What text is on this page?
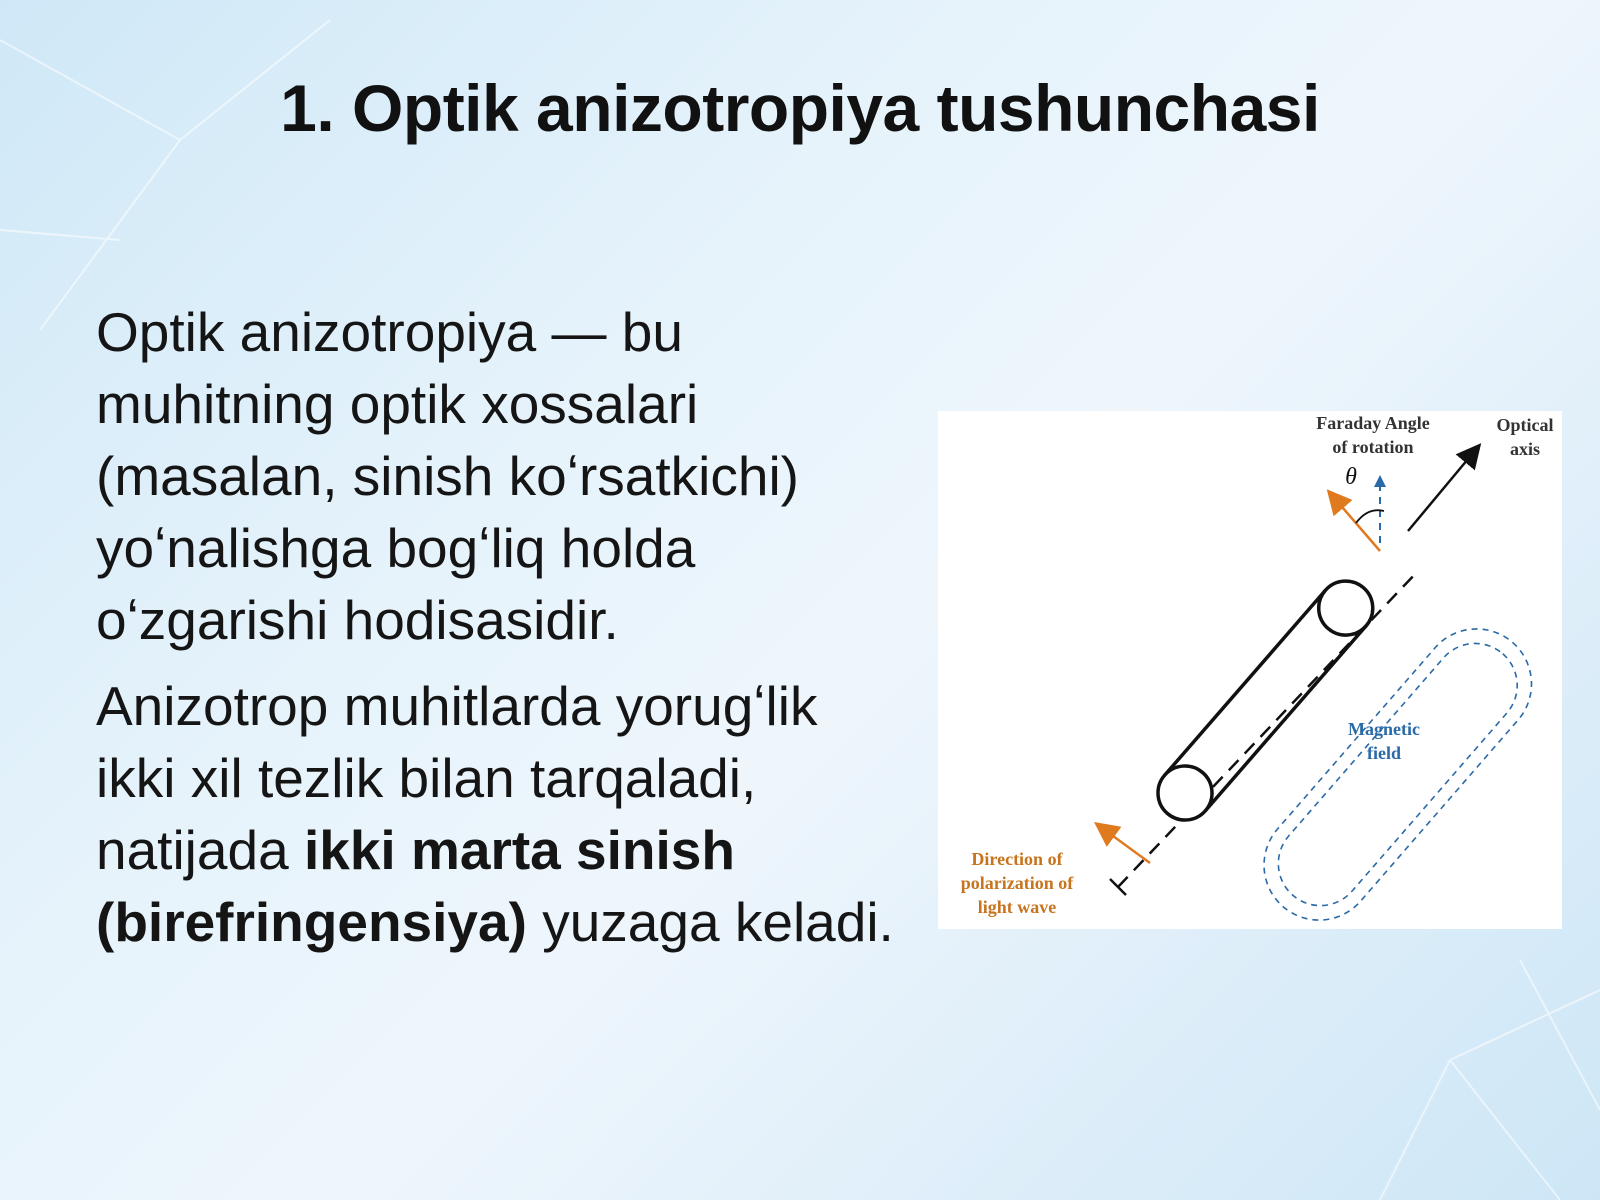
1. Optik anizotropiya tushunchasi

Optik anizotropiya — bu muhitning optik xossalari (masalan, sinish koʻrsatkichi) yoʻnalishga bogʻliq holda oʻzgarishi hodisasidir.

Anizotrop muhitlarda yorugʻlik ikki xil tezlik bilan tarqaladi, natijada ikki marta sinish (birefringensiya) yuzaga keladi.

Faraday Angle
of rotation
θ
Optical
axis
Magnetic
field
Direction of
polarization of
light wave
